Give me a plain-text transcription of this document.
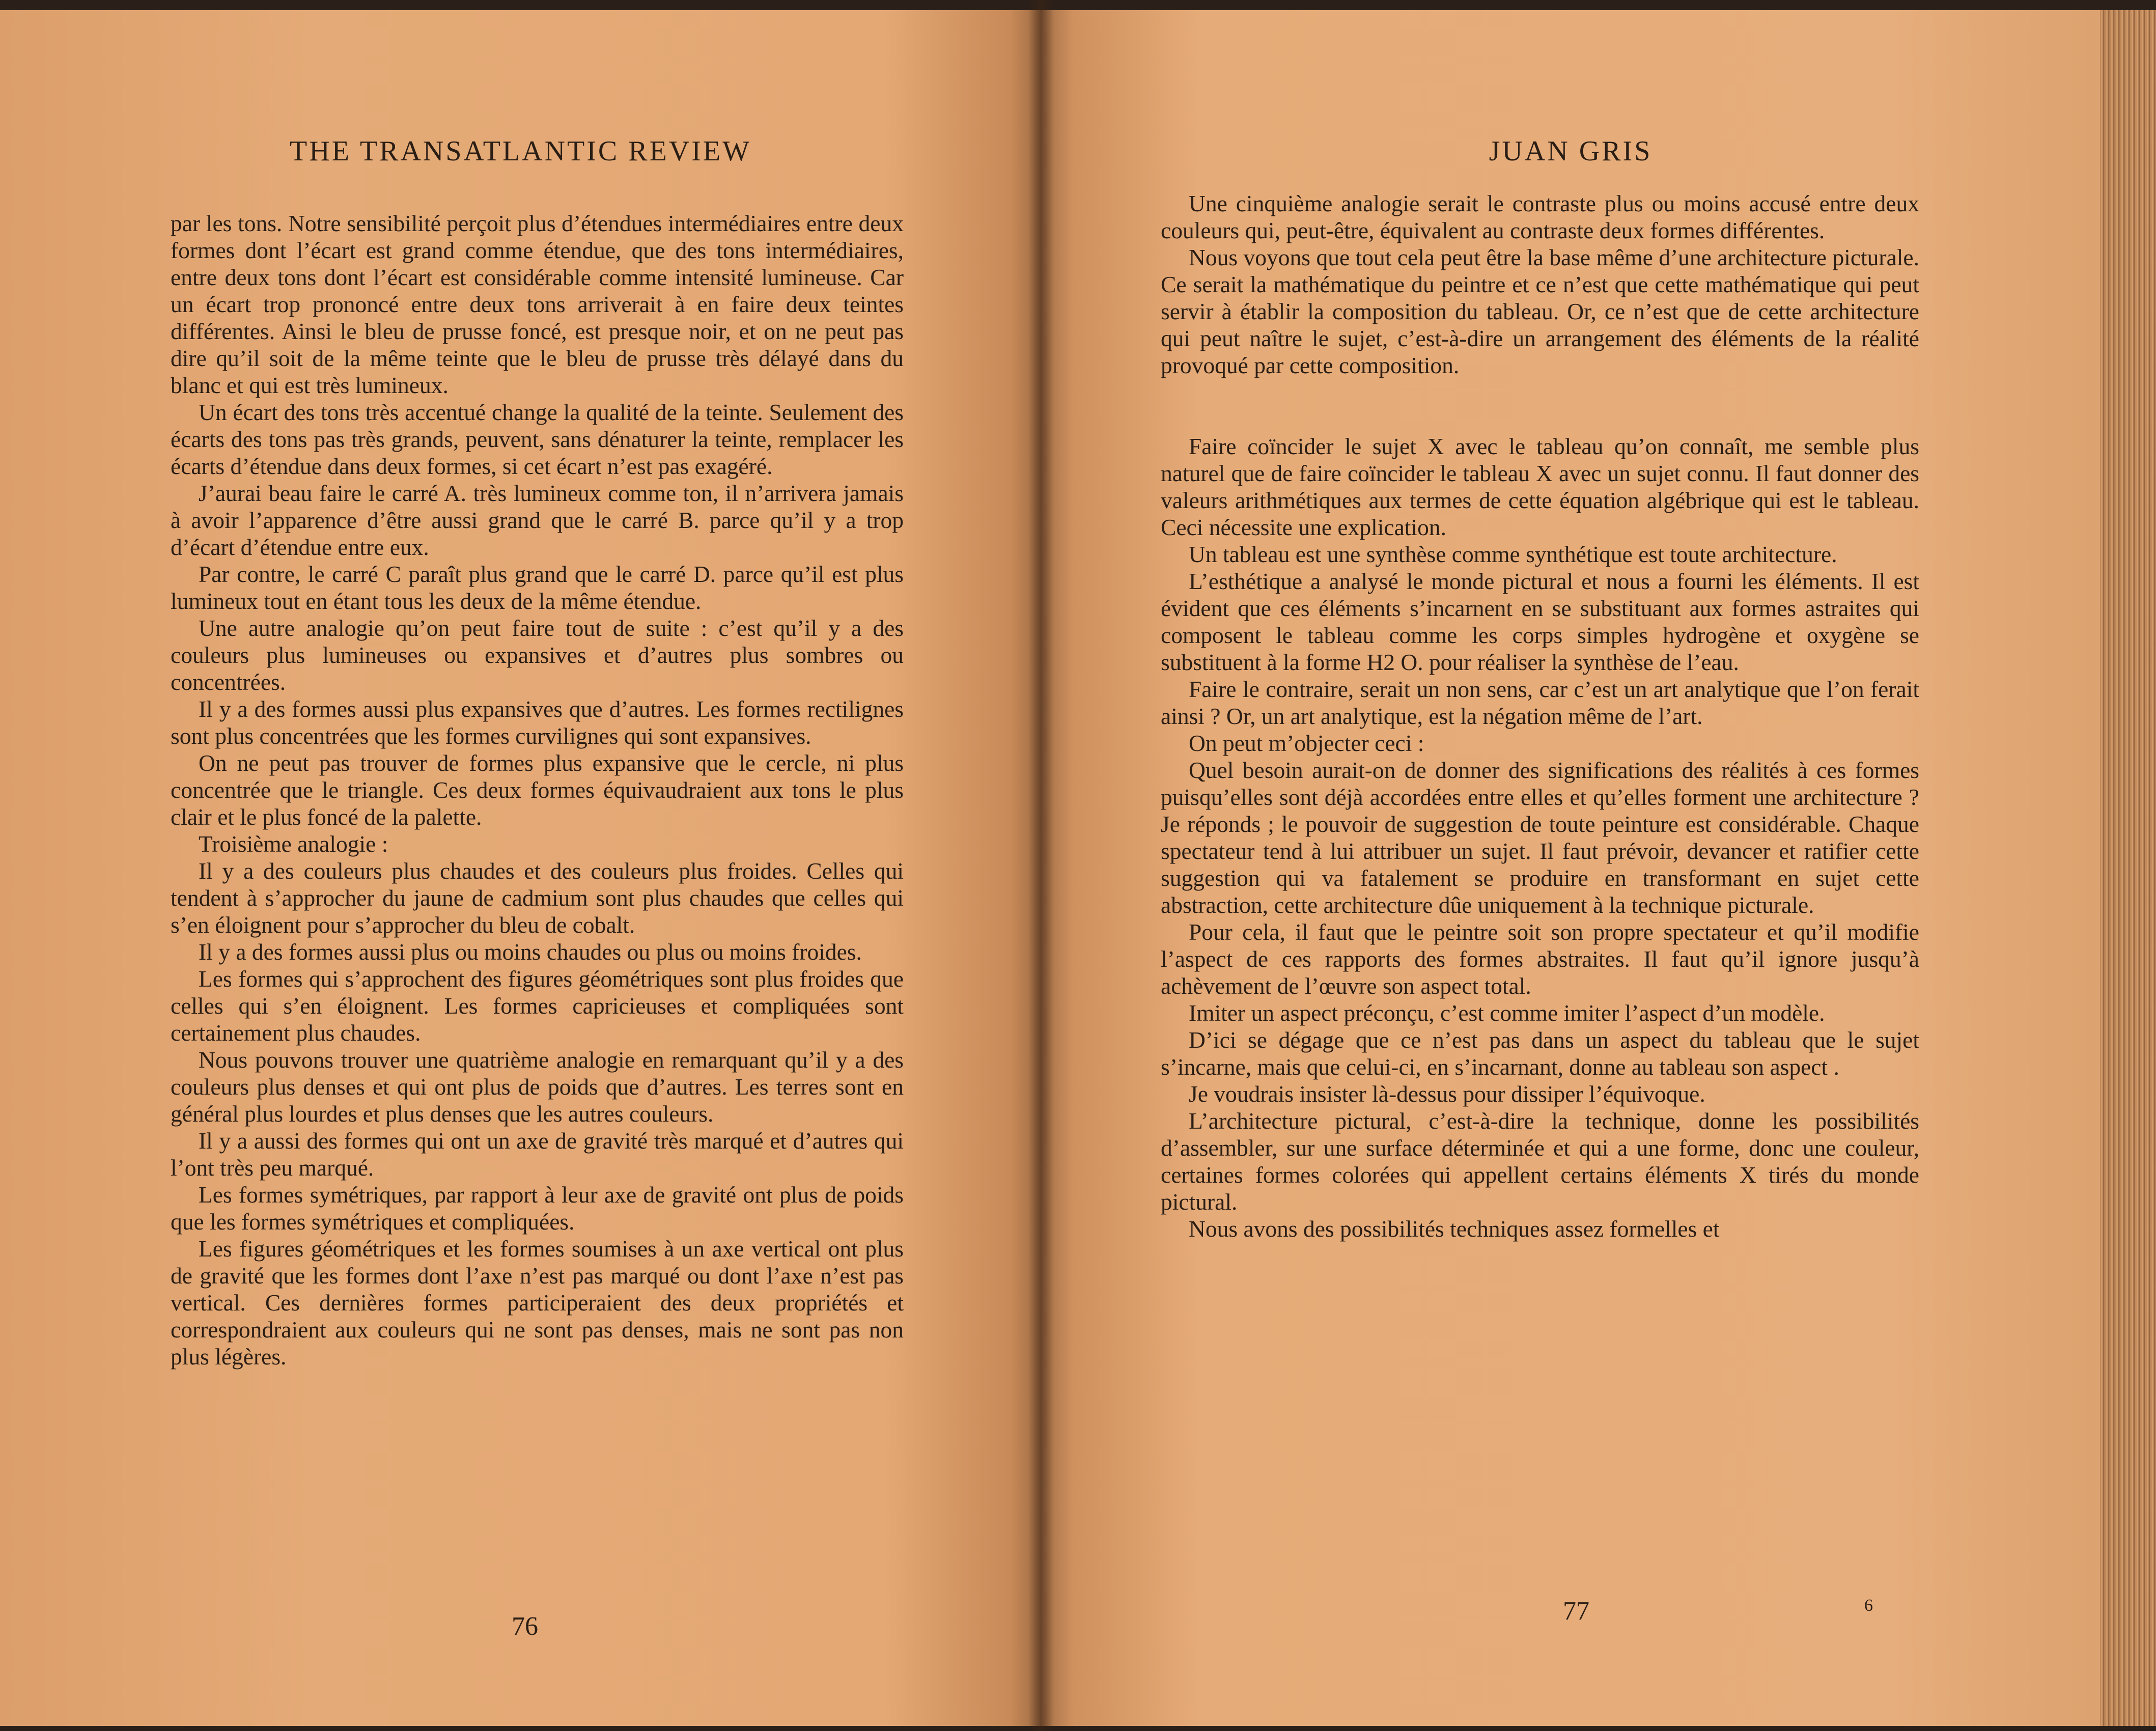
THE TRANSATLANTIC REVIEW

par les tons. Notre sensibilité perçoit plus d’étendues intermédiaires entre deux formes dont l’écart est grand comme étendue, que des tons intermédiaires, entre deux tons dont l’écart est considérable comme intensité lumineuse. Car un écart trop prononcé entre deux tons arriverait à en faire deux teintes différentes. Ainsi le bleu de prusse foncé, est presque noir, et on ne peut pas dire qu’il soit de la même teinte que le bleu de prusse très délayé dans du blanc et qui est très lumineux.

Un écart des tons très accentué change la qualité de la teinte. Seulement des écarts des tons pas très grands, peuvent, sans dénaturer la teinte, remplacer les écarts d’étendue dans deux formes, si cet écart n’est pas exagéré.

J’aurai beau faire le carré A. très lumineux comme ton, il n’arrivera jamais à avoir l’apparence d’être aussi grand que le carré B. parce qu’il y a trop d’écart d’étendue entre eux.

Par contre, le carré C paraît plus grand que le carré D. parce qu’il est plus lumineux tout en étant tous les deux de la même étendue.

Une autre analogie qu’on peut faire tout de suite : c’est qu’il y a des couleurs plus lumineuses ou expansives et d’autres plus sombres ou concentrées.

Il y a des formes aussi plus expansives que d’autres. Les formes rectilignes sont plus concentrées que les formes curvilignes qui sont expansives.

On ne peut pas trouver de formes plus expansive que le cercle, ni plus concentrée que le triangle. Ces deux formes équivaudraient aux tons le plus clair et le plus foncé de la palette.

Troisième analogie :

Il y a des couleurs plus chaudes et des couleurs plus froides. Celles qui tendent à s’approcher du jaune de cadmium sont plus chaudes que celles qui s’en éloignent pour s’approcher du bleu de cobalt.

Il y a des formes aussi plus ou moins chaudes ou plus ou moins froides.

Les formes qui s’approchent des figures géométriques sont plus froides que celles qui s’en éloignent. Les formes capricieuses et compliquées sont certainement plus chaudes.

Nous pouvons trouver une quatrième analogie en remarquant qu’il y a des couleurs plus denses et qui ont plus de poids que d’autres. Les terres sont en général plus lourdes et plus denses que les autres couleurs.

Il y a aussi des formes qui ont un axe de gravité très marqué et d’autres qui l’ont très peu marqué.

Les formes symétriques, par rapport à leur axe de gravité ont plus de poids que les formes symétriques et compliquées.

Les figures géométriques et les formes soumises à un axe vertical ont plus de gravité que les formes dont l’axe n’est pas marqué ou dont l’axe n’est pas vertical. Ces dernières formes participeraient des deux propriétés et correspondraient aux couleurs qui ne sont pas denses, mais ne sont pas non plus légères.

76
JUAN GRIS

Une cinquième analogie serait le contraste plus ou moins accusé entre deux couleurs qui, peut-être, équivalent au contraste deux formes différentes.

Nous voyons que tout cela peut être la base même d’une architecture picturale. Ce serait la mathématique du peintre et ce n’est que cette mathématique qui peut servir à établir la composition du tableau. Or, ce n’est que de cette architecture qui peut naître le sujet, c’est-à-dire un arrangement des éléments de la réalité provoqué par cette composition.

Faire coïncider le sujet X avec le tableau qu’on connaît, me semble plus naturel que de faire coïncider le tableau X avec un sujet connu. Il faut donner des valeurs arithmétiques aux termes de cette équation algébrique qui est le tableau. Ceci nécessite une explication.

Un tableau est une synthèse comme synthétique est toute architecture.

L’esthétique a analysé le monde pictural et nous a fourni les éléments. Il est évident que ces éléments s’incarnent en se substituant aux formes astraites qui composent le tableau comme les corps simples hydrogène et oxygène se substituent à la forme H2 O. pour réaliser la synthèse de l’eau.

Faire le contraire, serait un non sens, car c’est un art analytique que l’on ferait ainsi ? Or, un art analytique, est la négation même de l’art.

On peut m’objecter ceci :

Quel besoin aurait-on de donner des significations des réalités à ces formes puisqu’elles sont déjà accordées entre elles et qu’elles forment une architecture ? Je réponds ; le pouvoir de suggestion de toute peinture est considérable. Chaque spectateur tend à lui attribuer un sujet. Il faut prévoir, devancer et ratifier cette suggestion qui va fatalement se produire en transformant en sujet cette abstraction, cette architecture dûe uniquement à la technique picturale.

Pour cela, il faut que le peintre soit son propre spectateur et qu’il modifie l’aspect de ces rapports des formes abstraites. Il faut qu’il ignore jusqu’à achèvement de l’œuvre son aspect total.

Imiter un aspect préconçu, c’est comme imiter l’aspect d’un modèle.

D’ici se dégage que ce n’est pas dans un aspect du tableau que le sujet s’incarne, mais que celui-ci, en s’incarnant, donne au tableau son aspect .

Je voudrais insister là-dessus pour dissiper l’équivoque.

L’architecture pictural, c’est-à-dire la technique, donne les possibilités d’assembler, sur une surface déterminée et qui a une forme, donc une couleur, certaines formes colorées qui appellent certains éléments X tirés du monde pictural.

Nous avons des possibilités techniques assez formelles et

77	6
